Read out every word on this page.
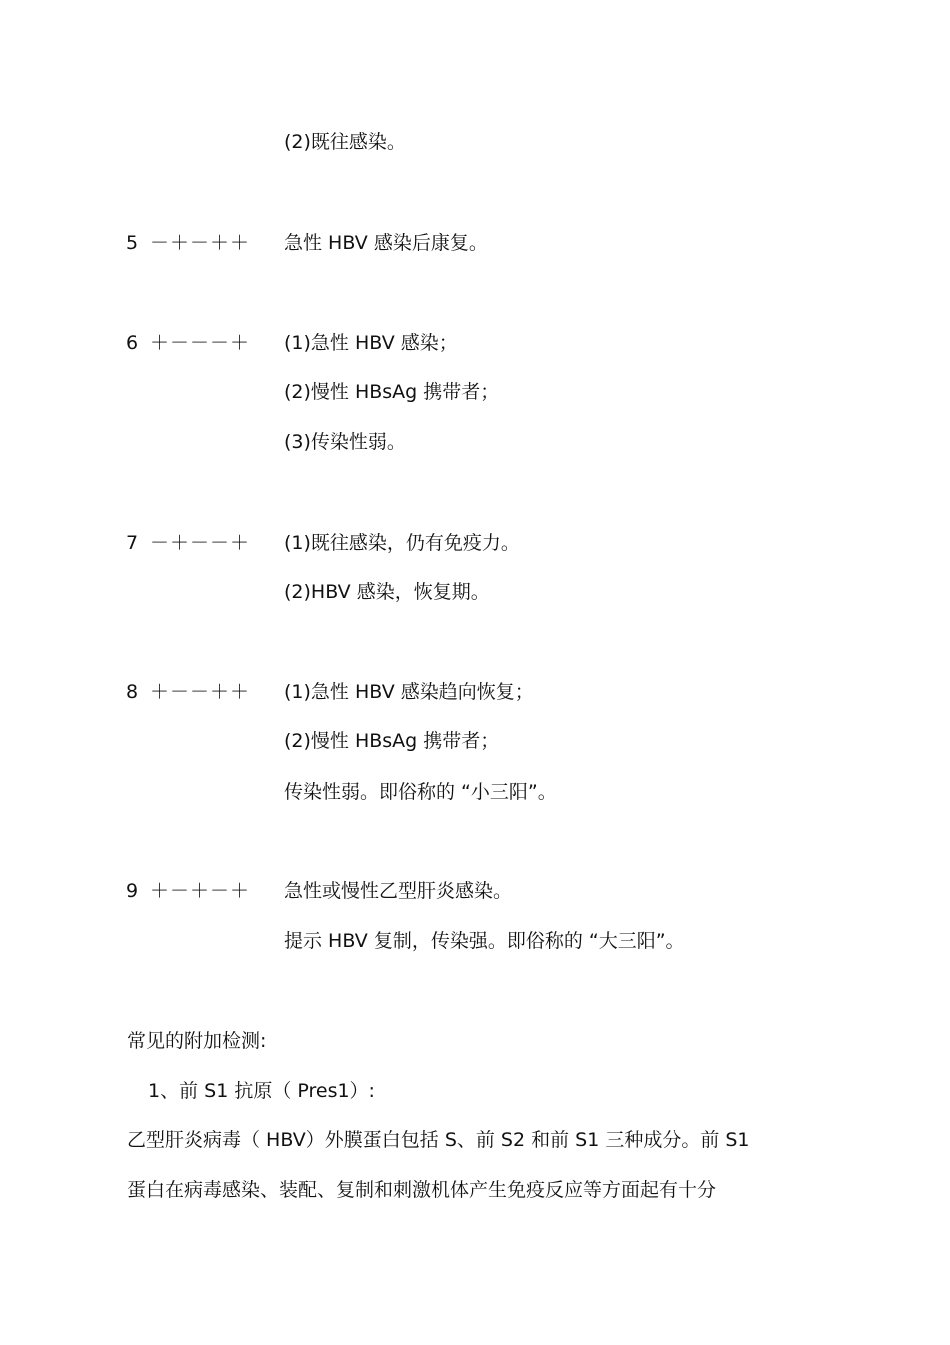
(2)既往感染。
5 －＋－＋＋ 急性 HBV 感染后康复。
6 ＋－－－＋ (1)急性 HBV 感染；
(2)慢性 HBsAg 携带者；
(3)传染性弱。
7 －＋－－＋ (1)既往感染，仍有免疫力。
(2)HBV 感染，恢复期。
8 ＋－－＋＋ (1)急性 HBV 感染趋向恢复；
(2)慢性 HBsAg 携带者；
传染性弱。即俗称的 “小三阳”。
9 ＋－＋－＋ 急性或慢性乙型肝炎感染。
提示 HBV 复制，传染强。即俗称的 “大三阳”。
常见的附加检测:
1、前 S1 抗原（ Pres1）:
乙型肝炎病毒（ HBV）外膜蛋白包括 S、前 S2 和前 S1 三种成分。前 S1
蛋白在病毒感染、装配、复制和刺激机体产生免疫反应等方面起有十分
